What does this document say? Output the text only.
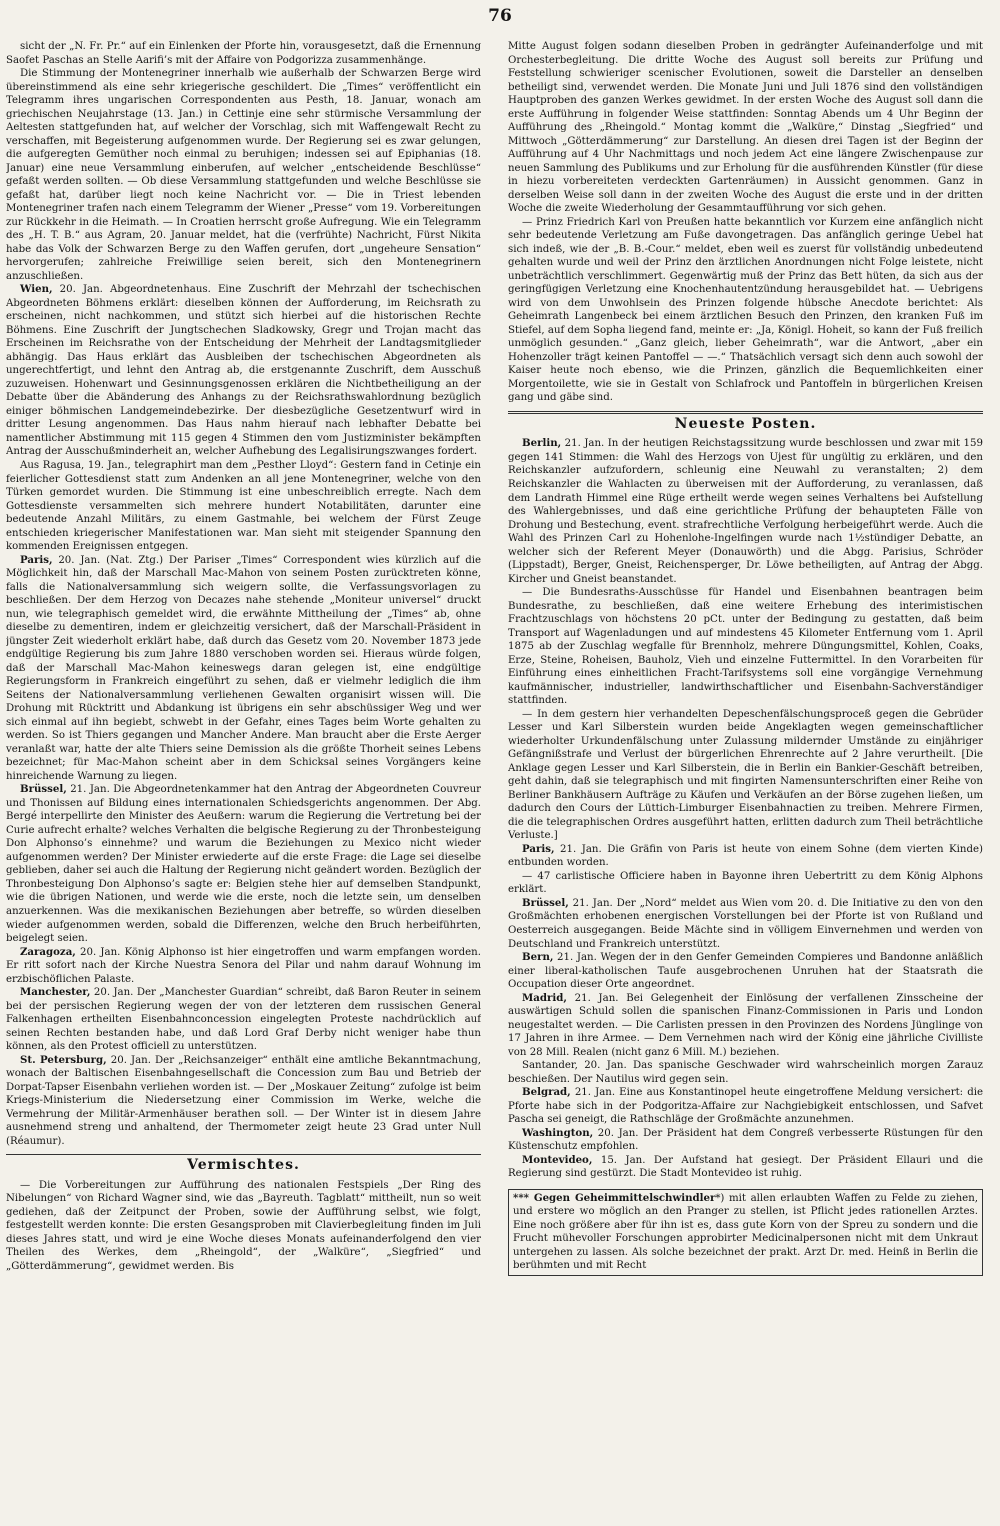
76

sicht der „N. Fr. Pr.“ auf ein Einlenken der Pforte hin, vorausgesetzt, daß die Ernennung Saofet Paschas an Stelle Aarifi’s mit der Affaire von Podgorizza zusammenhänge.

Die Stimmung der Montenegriner innerhalb wie außerhalb der Schwarzen Berge wird übereinstimmend als eine sehr kriegerische geschildert. Die „Times“ veröffentlicht ein Telegramm ihres ungarischen Correspondenten aus Pesth, 18. Januar, wonach am griechischen Neujahrstage (13. Jan.) in Cettinje eine sehr stürmische Versammlung der Aeltesten stattgefunden hat, auf welcher der Vorschlag, sich mit Waffengewalt Recht zu verschaffen, mit Begeisterung aufgenommen wurde. Der Regierung sei es zwar gelungen, die aufgeregten Gemüther noch einmal zu beruhigen; indessen sei auf Epiphanias (18. Januar) eine neue Versammlung einberufen, auf welcher „entscheidende Beschlüsse“ gefaßt werden sollten. — Ob diese Versammlung stattgefunden und welche Beschlüsse sie gefaßt hat, darüber liegt noch keine Nachricht vor. — Die in Triest lebenden Montenegriner trafen nach einem Telegramm der Wiener „Presse“ vom 19. Vorbereitungen zur Rückkehr in die Heimath. — In Croatien herrscht große Aufregung. Wie ein Telegramm des „H. T. B.“ aus Agram, 20. Januar meldet, hat die (verfrühte) Nachricht, Fürst Nikita habe das Volk der Schwarzen Berge zu den Waffen gerufen, dort „ungeheure Sensation“ hervorgerufen; zahlreiche Freiwillige seien bereit, sich den Montenegrinern anzuschließen.

Wien, 20. Jan. Abgeordnetenhaus. Eine Zuschrift der Mehrzahl der tschechischen Abgeordneten Böhmens erklärt: dieselben können der Aufforderung, im Reichsrath zu erscheinen, nicht nachkommen, und stützt sich hierbei auf die historischen Rechte Böhmens. Eine Zuschrift der Jungtschechen Sladkowsky, Gregr und Trojan macht das Erscheinen im Reichsrathe von der Entscheidung der Mehrheit der Landtagsmitglieder abhängig. Das Haus erklärt das Ausbleiben der tschechischen Abgeordneten als ungerechtfertigt, und lehnt den Antrag ab, die erstgenannte Zuschrift, dem Ausschuß zuzuweisen. Hohenwart und Gesinnungsgenossen erklären die Nichtbetheiligung an der Debatte über die Abänderung des Anhangs zu der Reichsrathswahlordnung bezüglich einiger böhmischen Landgemeindebezirke. Der diesbezügliche Gesetzentwurf wird in dritter Lesung angenommen. Das Haus nahm hierauf nach lebhafter Debatte bei namentlicher Abstimmung mit 115 gegen 4 Stimmen den vom Justizminister bekämpften Antrag der Ausschußminderheit an, welcher Aufhebung des Legalisirungszwanges fordert.

Aus Ragusa, 19. Jan., telegraphirt man dem „Pesther Lloyd“: Gestern fand in Cetinje ein feierlicher Gottesdienst statt zum Andenken an all jene Montenegriner, welche von den Türken gemordet wurden. Die Stimmung ist eine unbeschreiblich erregte. Nach dem Gottesdienste versammelten sich mehrere hundert Notabilitäten, darunter eine bedeutende Anzahl Militärs, zu einem Gastmahle, bei welchem der Fürst Zeuge entschieden kriegerischer Manifestationen war. Man sieht mit steigender Spannung den kommenden Ereignissen entgegen.

Paris, 20. Jan. (Nat. Ztg.) Der Pariser „Times“ Correspondent wies kürzlich auf die Möglichkeit hin, daß der Marschall Mac-Mahon von seinem Posten zurücktreten könne, falls die Nationalversammlung sich weigern sollte, die Verfassungsvorlagen zu beschließen. Der dem Herzog von Decazes nahe stehende „Moniteur universel“ druckt nun, wie telegraphisch gemeldet wird, die erwähnte Mittheilung der „Times“ ab, ohne dieselbe zu dementiren, indem er gleichzeitig versichert, daß der Marschall-Präsident in jüngster Zeit wiederholt erklärt habe, daß durch das Gesetz vom 20. November 1873 jede endgültige Regierung bis zum Jahre 1880 verschoben worden sei. Hieraus würde folgen, daß der Marschall Mac-Mahon keineswegs daran gelegen ist, eine endgültige Regierungsform in Frankreich eingeführt zu sehen, daß er vielmehr lediglich die ihm Seitens der Nationalversammlung verliehenen Gewalten organisirt wissen will. Die Drohung mit Rücktritt und Abdankung ist übrigens ein sehr abschüssiger Weg und wer sich einmal auf ihn begiebt, schwebt in der Gefahr, eines Tages beim Worte gehalten zu werden. So ist Thiers gegangen und Mancher Andere. Man braucht aber die Erste Aerger veranlaßt war, hatte der alte Thiers seine Demission als die größte Thorheit seines Lebens bezeichnet; für Mac-Mahon scheint aber in dem Schicksal seines Vorgängers keine hinreichende Warnung zu liegen.

Brüssel, 21. Jan. Die Abgeordnetenkammer hat den Antrag der Abgeordneten Couvreur und Thonissen auf Bildung eines internationalen Schiedsgerichts angenommen. Der Abg. Bergé interpellirte den Minister des Aeußern: warum die Regierung die Vertretung bei der Curie aufrecht erhalte? welches Verhalten die belgische Regierung zu der Thronbesteigung Don Alphonso’s einnehme? und warum die Beziehungen zu Mexico nicht wieder aufgenommen werden? Der Minister erwiederte auf die erste Frage: die Lage sei dieselbe geblieben, daher sei auch die Haltung der Regierung nicht geändert worden. Bezüglich der Thronbesteigung Don Alphonso’s sagte er: Belgien stehe hier auf demselben Standpunkt, wie die übrigen Nationen, und werde wie die erste, noch die letzte sein, um denselben anzuerkennen. Was die mexikanischen Beziehungen aber betreffe, so würden dieselben wieder aufgenommen werden, sobald die Differenzen, welche den Bruch herbeiführten, beigelegt seien.

Zaragoza, 20. Jan. König Alphonso ist hier eingetroffen und warm empfangen worden. Er ritt sofort nach der Kirche Nuestra Senora del Pilar und nahm darauf Wohnung im erzbischöflichen Palaste.

Manchester, 20. Jan. Der „Manchester Guardian“ schreibt, daß Baron Reuter in seinem bei der persischen Regierung wegen der von der letzteren dem russischen General Falkenhagen ertheilten Eisenbahnconcession eingelegten Proteste nachdrücklich auf seinen Rechten bestanden habe, und daß Lord Graf Derby nicht weniger habe thun können, als den Protest officiell zu unterstützen.

St. Petersburg, 20. Jan. Der „Reichsanzeiger“ enthält eine amtliche Bekanntmachung, wonach der Baltischen Eisenbahngesellschaft die Concession zum Bau und Betrieb der Dorpat-Tapser Eisenbahn verliehen worden ist. — Der „Moskauer Zeitung“ zufolge ist beim Kriegs-Ministerium die Niedersetzung einer Commission im Werke, welche die Vermehrung der Militär-Armenhäuser berathen soll. — Der Winter ist in diesem Jahre ausnehmend streng und anhaltend, der Thermometer zeigt heute 23 Grad unter Null (Réaumur).

Vermischtes.

— Die Vorbereitungen zur Aufführung des nationalen Festspiels „Der Ring des Nibelungen“ von Richard Wagner sind, wie das „Bayreuth. Tagblatt“ mittheilt, nun so weit gediehen, daß der Zeitpunct der Proben, sowie der Aufführung selbst, wie folgt, festgestellt werden konnte: Die ersten Gesangsproben mit Clavierbegleitung finden im Juli dieses Jahres statt, und wird je eine Woche dieses Monats aufeinanderfolgend den vier Theilen des Werkes, dem „Rheingold“, der „Walküre“, „Siegfried“ und „Götterdämmerung“, gewidmet werden. Bis

Mitte August folgen sodann dieselben Proben in gedrängter Aufeinanderfolge und mit Orchesterbegleitung. Die dritte Woche des August soll bereits zur Prüfung und Feststellung schwieriger scenischer Evolutionen, soweit die Darsteller an denselben betheiligt sind, verwendet werden. Die Monate Juni und Juli 1876 sind den vollständigen Hauptproben des ganzen Werkes gewidmet. In der ersten Woche des August soll dann die erste Aufführung in folgender Weise stattfinden: Sonntag Abends um 4 Uhr Beginn der Aufführung des „Rheingold.“ Montag kommt die „Walküre,“ Dinstag „Siegfried“ und Mittwoch „Götterdämmerung“ zur Darstellung. An diesen drei Tagen ist der Beginn der Aufführung auf 4 Uhr Nachmittags und noch jedem Act eine längere Zwischenpause zur neuen Sammlung des Publikums und zur Erholung für die ausführenden Künstler (für diese in hiezu vorbereiteten verdeckten Gartenräumen) in Aussicht genommen. Ganz in derselben Weise soll dann in der zweiten Woche des August die erste und in der dritten Woche die zweite Wiederholung der Gesammtaufführung vor sich gehen.

— Prinz Friedrich Karl von Preußen hatte bekanntlich vor Kurzem eine anfänglich nicht sehr bedeutende Verletzung am Fuße davongetragen. Das anfänglich geringe Uebel hat sich indeß, wie der „B. B.-Cour.“ meldet, eben weil es zuerst für vollständig unbedeutend gehalten wurde und weil der Prinz den ärztlichen Anordnungen nicht Folge leistete, nicht unbeträchtlich verschlimmert. Gegenwärtig muß der Prinz das Bett hüten, da sich aus der geringfügigen Verletzung eine Knochenhautentzündung herausgebildet hat. — Uebrigens wird von dem Unwohlsein des Prinzen folgende hübsche Anecdote berichtet: Als Geheimrath Langenbeck bei einem ärztlichen Besuch den Prinzen, den kranken Fuß im Stiefel, auf dem Sopha liegend fand, meinte er: „Ja, Königl. Hoheit, so kann der Fuß freilich unmöglich gesunden.“ „Ganz gleich, lieber Geheimrath“, war die Antwort, „aber ein Hohenzoller trägt keinen Pantoffel — —.“ Thatsächlich versagt sich denn auch sowohl der Kaiser heute noch ebenso, wie die Prinzen, gänzlich die Bequemlichkeiten einer Morgentoilette, wie sie in Gestalt von Schlafrock und Pantoffeln in bürgerlichen Kreisen gang und gäbe sind.

Neueste Posten.

Berlin, 21. Jan. In der heutigen Reichstagssitzung wurde beschlossen und zwar mit 159 gegen 141 Stimmen: die Wahl des Herzogs von Ujest für ungültig zu erklären, und den Reichskanzler aufzufordern, schleunig eine Neuwahl zu veranstalten; 2) dem Reichskanzler die Wahlacten zu überweisen mit der Aufforderung, zu veranlassen, daß dem Landrath Himmel eine Rüge ertheilt werde wegen seines Verhaltens bei Aufstellung des Wahlergebnisses, und daß eine gerichtliche Prüfung der behaupteten Fälle von Drohung und Bestechung, event. strafrechtliche Verfolgung herbeigeführt werde. Auch die Wahl des Prinzen Carl zu Hohenlohe-Ingelfingen wurde nach 1½stündiger Debatte, an welcher sich der Referent Meyer (Donauwörth) und die Abgg. Parisius, Schröder (Lippstadt), Berger, Gneist, Reichensperger, Dr. Löwe betheiligten, auf Antrag der Abgg. Kircher und Gneist beanstandet.

— Die Bundesraths-Ausschüsse für Handel und Eisenbahnen beantragen beim Bundesrathe, zu beschließen, daß eine weitere Erhebung des interimistischen Frachtzuschlags von höchstens 20 pCt. unter der Bedingung zu gestatten, daß beim Transport auf Wagenladungen und auf mindestens 45 Kilometer Entfernung vom 1. April 1875 ab der Zuschlag wegfalle für Brennholz, mehrere Düngungsmittel, Kohlen, Coaks, Erze, Steine, Roheisen, Bauholz, Vieh und einzelne Futtermittel. In den Vorarbeiten für Einführung eines einheitlichen Fracht-Tarifsystems soll eine vorgängige Vernehmung kaufmännischer, industrieller, landwirthschaftlicher und Eisenbahn-Sachverständiger stattfinden.

— In dem gestern hier verhandelten Depeschenfälschungsproceß gegen die Gebrüder Lesser und Karl Silberstein wurden beide Angeklagten wegen gemeinschaftlicher wiederholter Urkundenfälschung unter Zulassung mildernder Umstände zu einjähriger Gefängnißstrafe und Verlust der bürgerlichen Ehrenrechte auf 2 Jahre verurtheilt. [Die Anklage gegen Lesser und Karl Silberstein, die in Berlin ein Bankier-Geschäft betreiben, geht dahin, daß sie telegraphisch und mit fingirten Namensunterschriften einer Reihe von Berliner Bankhäusern Aufträge zu Käufen und Verkäufen an der Börse zugehen ließen, um dadurch den Cours der Lüttich-Limburger Eisenbahnactien zu treiben. Mehrere Firmen, die die telegraphischen Ordres ausgeführt hatten, erlitten dadurch zum Theil beträchtliche Verluste.]

Paris, 21. Jan. Die Gräfin von Paris ist heute von einem Sohne (dem vierten Kinde) entbunden worden.

— 47 carlistische Officiere haben in Bayonne ihren Uebertritt zu dem König Alphons erklärt.

Brüssel, 21. Jan. Der „Nord“ meldet aus Wien vom 20. d. Die Initiative zu den von den Großmächten erhobenen energischen Vorstellungen bei der Pforte ist von Rußland und Oesterreich ausgegangen. Beide Mächte sind in völligem Einvernehmen und werden von Deutschland und Frankreich unterstützt.

Bern, 21. Jan. Wegen der in den Genfer Gemeinden Compieres und Bandonne anläßlich einer liberal-katholischen Taufe ausgebrochenen Unruhen hat der Staatsrath die Occupation dieser Orte angeordnet.

Madrid, 21. Jan. Bei Gelegenheit der Einlösung der verfallenen Zinsscheine der auswärtigen Schuld sollen die spanischen Finanz-Commissionen in Paris und London neugestaltet werden. — Die Carlisten pressen in den Provinzen des Nordens Jünglinge von 17 Jahren in ihre Armee. — Dem Vernehmen nach wird der König eine jährliche Civilliste von 28 Mill. Realen (nicht ganz 6 Mill. M.) beziehen.

Santander, 20. Jan. Das spanische Geschwader wird wahrscheinlich morgen Zarauz beschießen. Der Nautilus wird gegen sein.

Belgrad, 21. Jan. Eine aus Konstantinopel heute eingetroffene Meldung versichert: die Pforte habe sich in der Podgoritza-Affaire zur Nachgiebigkeit entschlossen, und Safvet Pascha sei geneigt, die Rathschläge der Großmächte anzunehmen.

Washington, 20. Jan. Der Präsident hat dem Congreß verbesserte Rüstungen für den Küstenschutz empfohlen.

Montevideo, 15. Jan. Der Aufstand hat gesiegt. Der Präsident Ellauri und die Regierung sind gestürzt. Die Stadt Montevideo ist ruhig.

*** Gegen Geheimmittelschwindler*) mit allen erlaubten Waffen zu Felde zu ziehen, und erstere wo möglich an den Pranger zu stellen, ist Pflicht jedes rationellen Arztes. Eine noch größere aber für ihn ist es, dass gute Korn von der Spreu zu sondern und die Frucht mühevoller Forschungen approbirter Medicinalpersonen nicht mit dem Unkraut untergehen zu lassen. Als solche bezeichnet der prakt. Arzt Dr. med. Heinß in Berlin die berühmten und mit Recht
